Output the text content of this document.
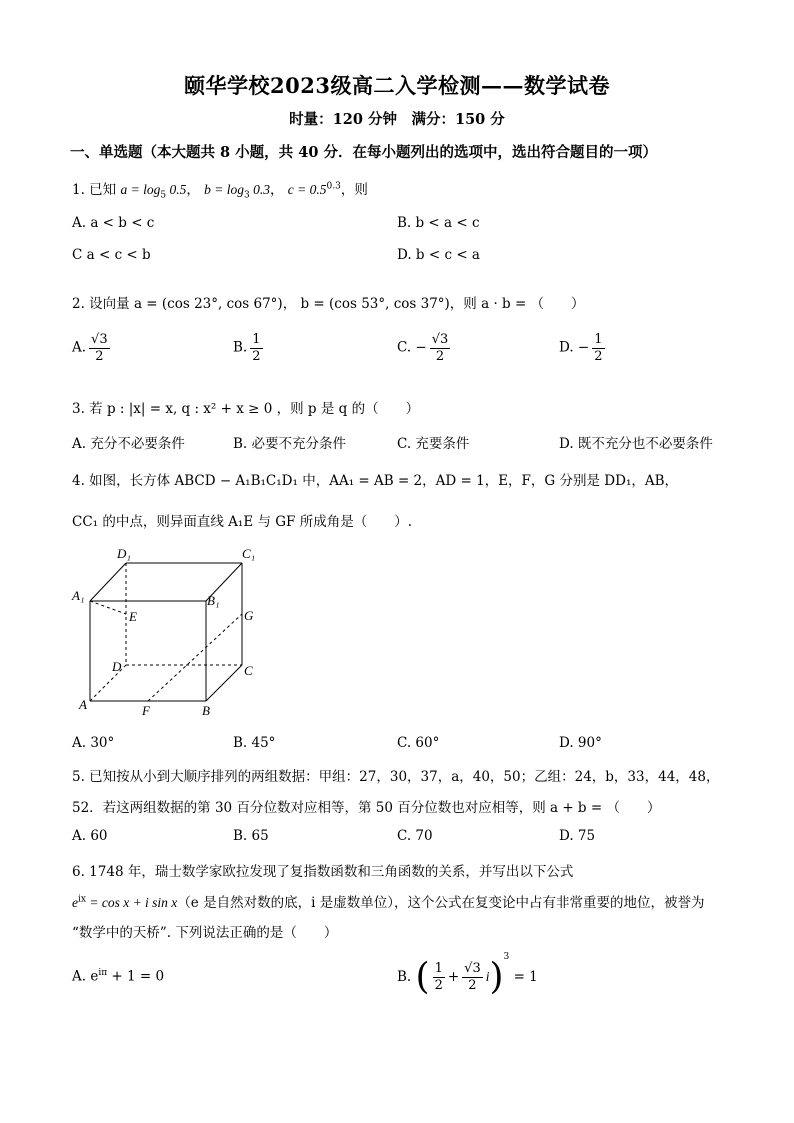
颐华学校2023级高二入学检测——数学试卷
时量：120 分钟　满分：150 分
一、单选题（本大题共 8 小题，共 40 分．在每小题列出的选项中，选出符合题目的一项）
1. 已知 $a = \log_5 0.5$， $b = \log_3 0.3$， $c = 0.5^{0.3}$，则
A. a < b < c	B. b < a < c
C a < c < b	D. b < c < a
2. 设向量 a = (cos 23°, cos 67°)， b = (cos 53°, cos 37°)，则 a · b = （　　）
A. $\frac{√3}{2}$	B. $\frac{1}{2}$	C. − $\frac{√3}{2}$	D. − $\frac{1}{2}$
3. 若 p : |x| = x, q : x² + x ≥ 0 ，则 p 是 q 的（　　）
A. 充分不必要条件	B. 必要不充分条件	C. 充要条件	D. 既不充分也不必要条件
4. 如图，长方体 ABCD − A₁B₁C₁D₁ 中，AA₁ = AB = 2，AD = 1，E，F，G 分别是 DD₁，AB，
CC₁ 的中点，则异面直线 A₁E 与 GF 所成角是（　　）.
D₁	C₁
A₁	B₁
E	G
D	C
A	F	B
A. 30°	B. 45°	C. 60°	D. 90°
5. 已知按从小到大顺序排列的两组数据：甲组：27，30，37，a，40，50；乙组：24，b，33，44，48，
52．若这两组数据的第 30 百分位数对应相等，第 50 百分位数也对应相等，则 a + b = （　　）
A. 60	B. 65	C. 70	D. 75
6. 1748 年，瑞士数学家欧拉发现了复指数函数和三角函数的关系，并写出以下公式
$e^{ix} = \cos x + i$ sin x（e 是自然对数的底，i 是虚数单位），这个公式在复变论中占有非常重要的地位，被誉为
“数学中的天桥”. 下列说法正确的是（　　）
A. $e^{i\pi} + 1 = 0$	B. ( $\frac{1}{2} + \frac{√3}{2} i)^3 = 1$
